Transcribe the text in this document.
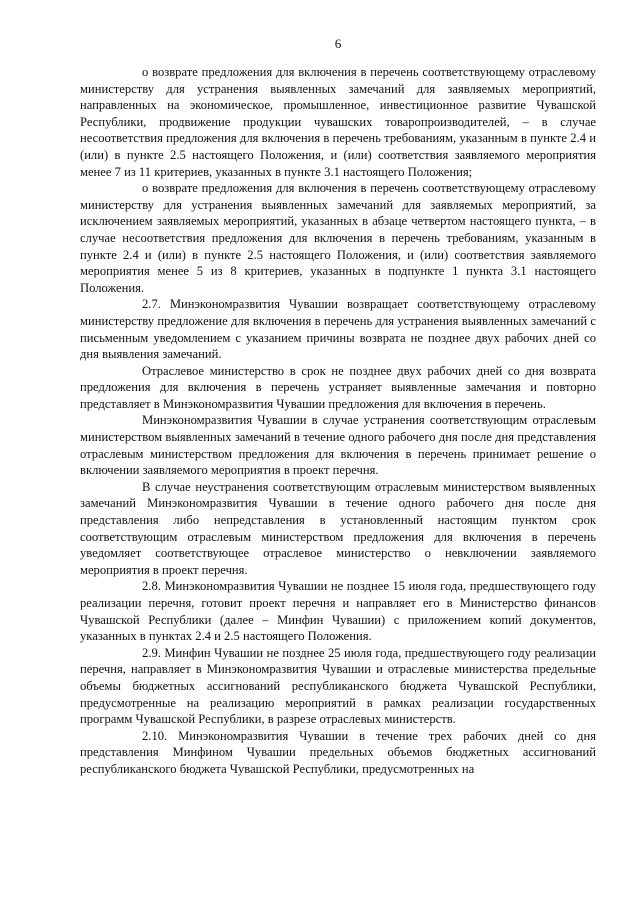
6

о возврате предложения для включения в перечень соответствующему отраслевому министерству для устранения выявленных замечаний для заявляемых мероприятий, направленных на экономическое, промышленное, инвестиционное развитие Чувашской Республики, продвижение продукции чувашских товаропроизводителей, – в случае несоответствия предложения для включения в перечень требованиям, указанным в пункте 2.4 и (или) в пункте 2.5 настоящего Положения, и (или) соответствия заявляемого мероприятия менее 7 из 11 критериев, указанных в пункте 3.1 настоящего Положения;

о возврате предложения для включения в перечень соответствующему отраслевому министерству для устранения выявленных замечаний для заявляемых мероприятий, за исключением заявляемых мероприятий, указанных в абзаце четвертом настоящего пункта, – в случае несоответствия предложения для включения в перечень требованиям, указанным в пункте 2.4 и (или) в пункте 2.5 настоящего Положения, и (или) соответствия заявляемого мероприятия менее 5 из 8 критериев, указанных в подпункте 1 пункта 3.1 настоящего Положения.

2.7. Минэкономразвития Чувашии возвращает соответствующему отраслевому министерству предложение для включения в перечень для устранения выявленных замечаний с письменным уведомлением с указанием причины возврата не позднее двух рабочих дней со дня выявления замечаний.

Отраслевое министерство в срок не позднее двух рабочих дней со дня возврата предложения для включения в перечень устраняет выявленные замечания и повторно представляет в Минэкономразвития Чувашии предложения для включения в перечень.

Минэкономразвития Чувашии в случае устранения соответствующим отраслевым министерством выявленных замечаний в течение одного рабочего дня после дня представления отраслевым министерством предложения для включения в перечень принимает решение о включении заявляемого мероприятия в проект перечня.

В случае неустранения соответствующим отраслевым министерством выявленных замечаний Минэкономразвития Чувашии в течение одного рабочего дня после дня представления либо непредставления в установленный настоящим пунктом срок соответствующим отраслевым министерством предложения для включения в перечень уведомляет соответствующее отраслевое министерство о невключении заявляемого мероприятия в проект перечня.

2.8. Минэкономразвития Чувашии не позднее 15 июля года, предшествующего году реализации перечня, готовит проект перечня и направляет его в Министерство финансов Чувашской Республики (далее – Минфин Чувашии) с приложением копий документов, указанных в пунктах 2.4 и 2.5 настоящего Положения.

2.9. Минфин Чувашии не позднее 25 июля года, предшествующего году реализации перечня, направляет в Минэкономразвития Чувашии и отраслевые министерства предельные объемы бюджетных ассигнований республиканского бюджета Чувашской Республики, предусмотренные на реализацию мероприятий в рамках реализации государственных программ Чувашской Республики, в разрезе отраслевых министерств.

2.10. Минэкономразвития Чувашии в течение трех рабочих дней со дня представления Минфином Чувашии предельных объемов бюджетных ассигнований республиканского бюджета Чувашской Республики, предусмотренных на
